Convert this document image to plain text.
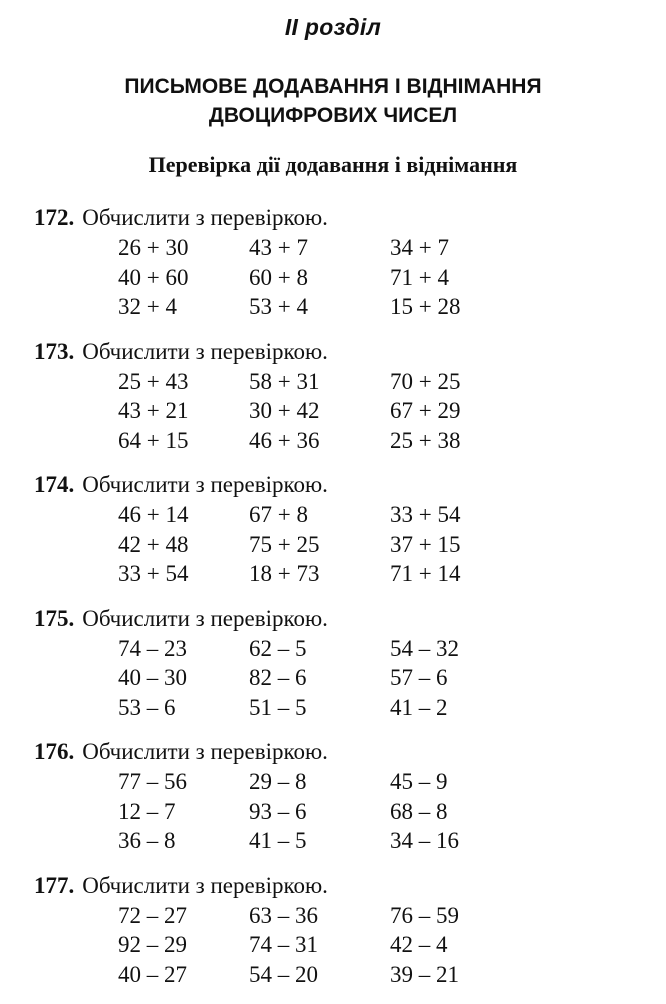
II розділ
ПИСЬМОВЕ ДОДАВАННЯ І ВІДНІМАННЯ
ДВОЦИФРОВИХ ЧИСЕЛ
Перевірка дії додавання і віднімання
172. Обчислити з перевіркою.
26 + 30	43 + 7	34 + 7
40 + 60	60 + 8	71 + 4
32 + 4	53 + 4	15 + 28
173. Обчислити з перевіркою.
25 + 43	58 + 31	70 + 25
43 + 21	30 + 42	67 + 29
64 + 15	46 + 36	25 + 38
174. Обчислити з перевіркою.
46 + 14	67 + 8	33 + 54
42 + 48	75 + 25	37 + 15
33 + 54	18 + 73	71 + 14
175. Обчислити з перевіркою.
74 – 23	62 – 5	54 – 32
40 – 30	82 – 6	57 – 6
53 – 6	51 – 5	41 – 2
176. Обчислити з перевіркою.
77 – 56	29 – 8	45 – 9
12 – 7	93 – 6	68 – 8
36 – 8	41 – 5	34 – 16
177. Обчислити з перевіркою.
72 – 27	63 – 36	76 – 59
92 – 29	74 – 31	42 – 4
40 – 27	54 – 20	39 – 21
